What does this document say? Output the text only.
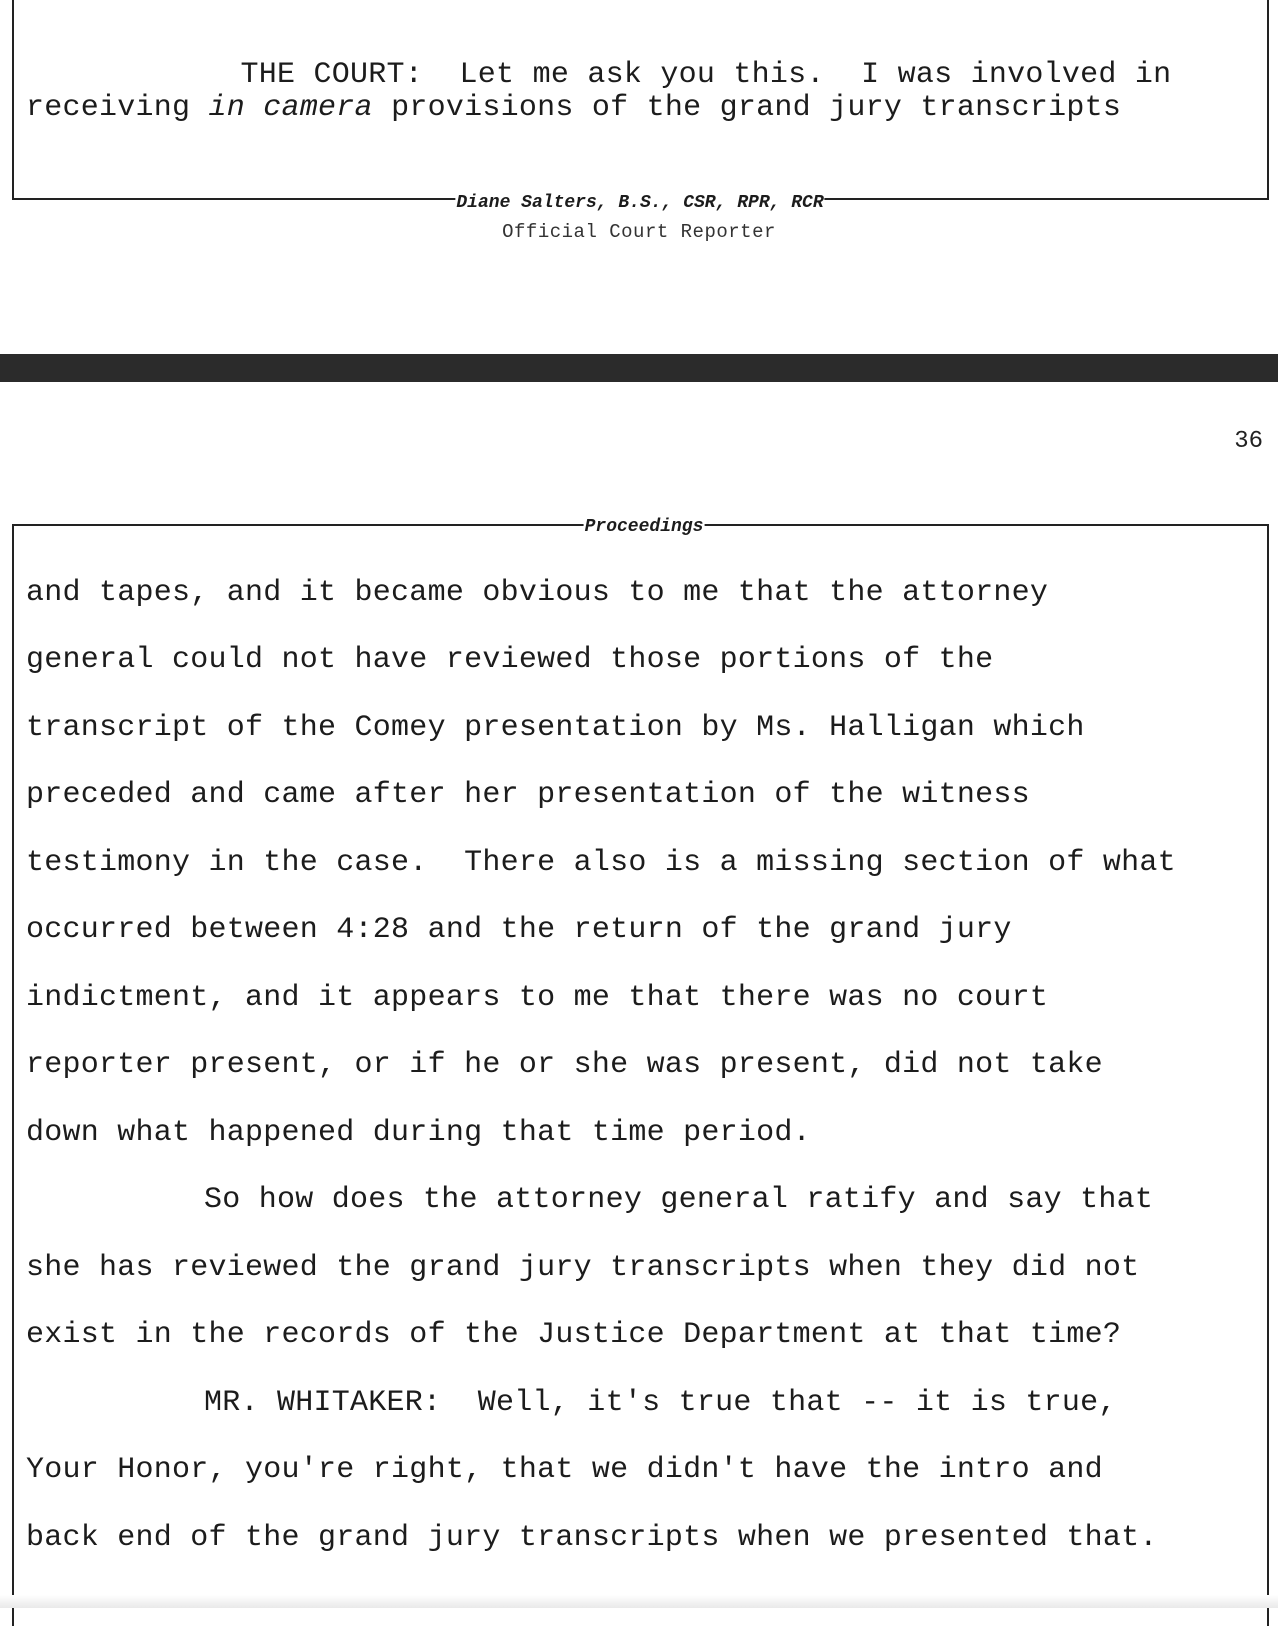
THE COURT:  Let me ask you this.  I was involved in

receiving in camera provisions of the grand jury transcripts
Diane Salters, B.S., CSR, RPR, RCR
Official Court Reporter
36
Proceedings
and tapes, and it became obvious to me that the attorney
general could not have reviewed those portions of the
transcript of the Comey presentation by Ms. Halligan which
preceded and came after her presentation of the witness
testimony in the case.  There also is a missing section of what
occurred between 4:28 and the return of the grand jury
indictment, and it appears to me that there was no court
reporter present, or if he or she was present, did not take
down what happened during that time period.
So how does the attorney general ratify and say that
she has reviewed the grand jury transcripts when they did not
exist in the records of the Justice Department at that time?
MR. WHITAKER:  Well, it's true that -- it is true,
Your Honor, you're right, that we didn't have the intro and
back end of the grand jury transcripts when we presented that.
